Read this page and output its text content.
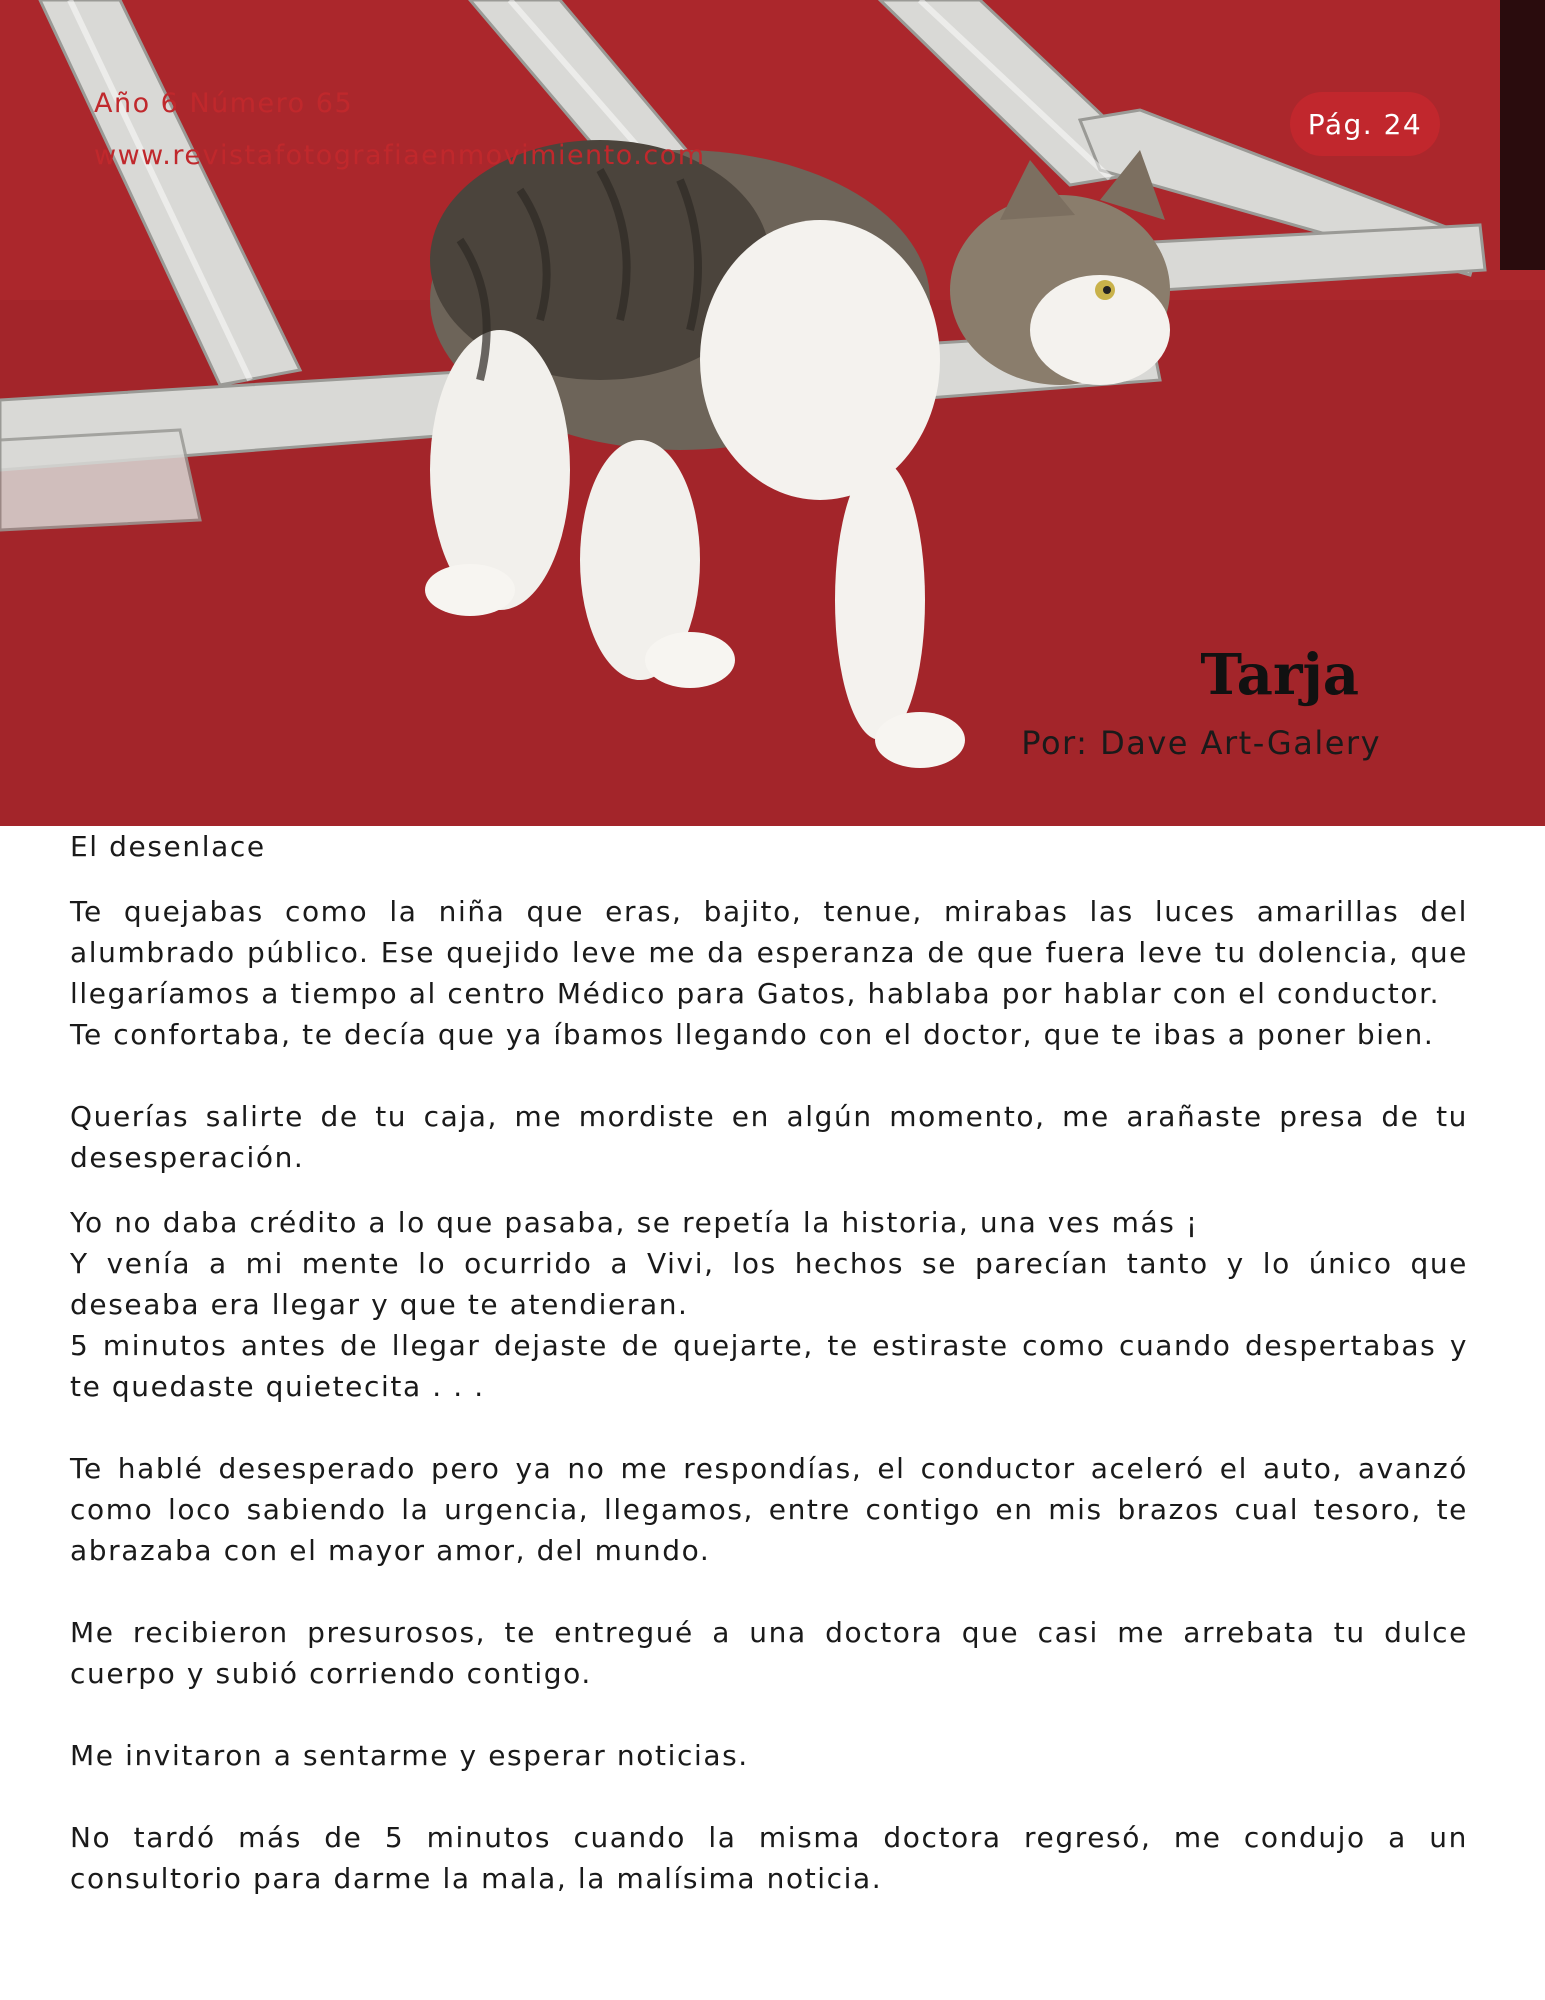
Año 6 Número 65
www.revistafotografiaenmovimiento.com
Pág. 24
Tarja
Por: Dave Art-Galery
El desenlace

Te quejabas como la niña que eras, bajito, tenue, mirabas las luces amarillas del alumbrado público. Ese quejido leve me da esperanza de que fuera leve tu dolencia, que llegaríamos a tiempo al centro Médico para Gatos, hablaba por hablar con el conductor.
Te confortaba, te decía que ya íbamos llegando con el doctor, que te ibas a poner bien.

Querías salirte de tu caja, me mordiste en algún momento, me arañaste presa de tu desesperación.

Yo no daba crédito a lo que pasaba, se repetía la historia, una ves más ¡
Y venía a mi mente lo ocurrido a Vivi, los hechos se parecían tanto y lo único que deseaba era llegar y que te atendieran.
5 minutos antes de llegar dejaste de quejarte, te estiraste como cuando despertabas y te quedaste quietecita . . .

Te hablé desesperado pero ya no me respondías, el conductor aceleró el auto, avanzó como loco sabiendo la urgencia, llegamos, entre contigo en mis brazos cual tesoro, te abrazaba con el mayor amor, del mundo.

Me recibieron presurosos, te entregué a una doctora que casi me arrebata tu dulce cuerpo y subió corriendo contigo.

Me invitaron a sentarme y esperar noticias.

No tardó más de 5 minutos cuando la misma doctora regresó, me condujo a un consultorio para darme la mala, la malísima noticia.
